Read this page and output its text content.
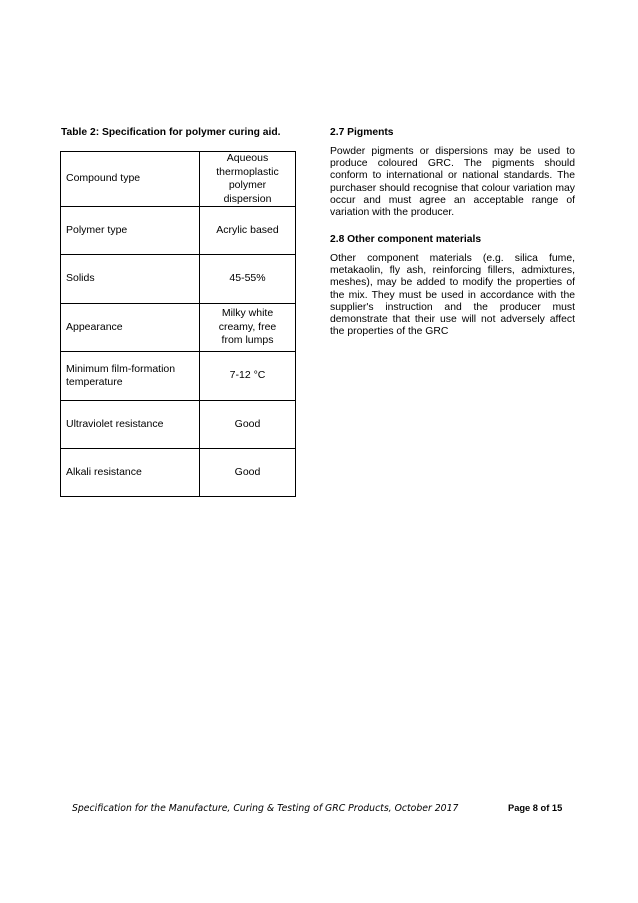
Table 2: Specification for polymer curing aid.
Compound type	Aqueous thermoplastic polymer dispersion
Polymer type	Acrylic based
Solids	45-55%
Appearance	Milky white creamy, free from lumps
Minimum film-formation temperature	7-12 °C
Ultraviolet resistance	Good
Alkali resistance	Good
2.7 Pigments
Powder pigments or dispersions may be used to produce coloured GRC. The pigments should conform to international or national standards. The purchaser should recognise that colour variation may occur and must agree an acceptable range of variation with the producer.
2.8 Other component materials
Other component materials (e.g. silica fume, metakaolin, fly ash, reinforcing fillers, admixtures, meshes), may be added to modify the properties of the mix. They must be used in accordance with the supplier's instruction and the producer must demonstrate that their use will not adversely affect the properties of the GRC
Specification for the Manufacture, Curing & Testing of GRC Products, October 2017	Page 8 of 15
